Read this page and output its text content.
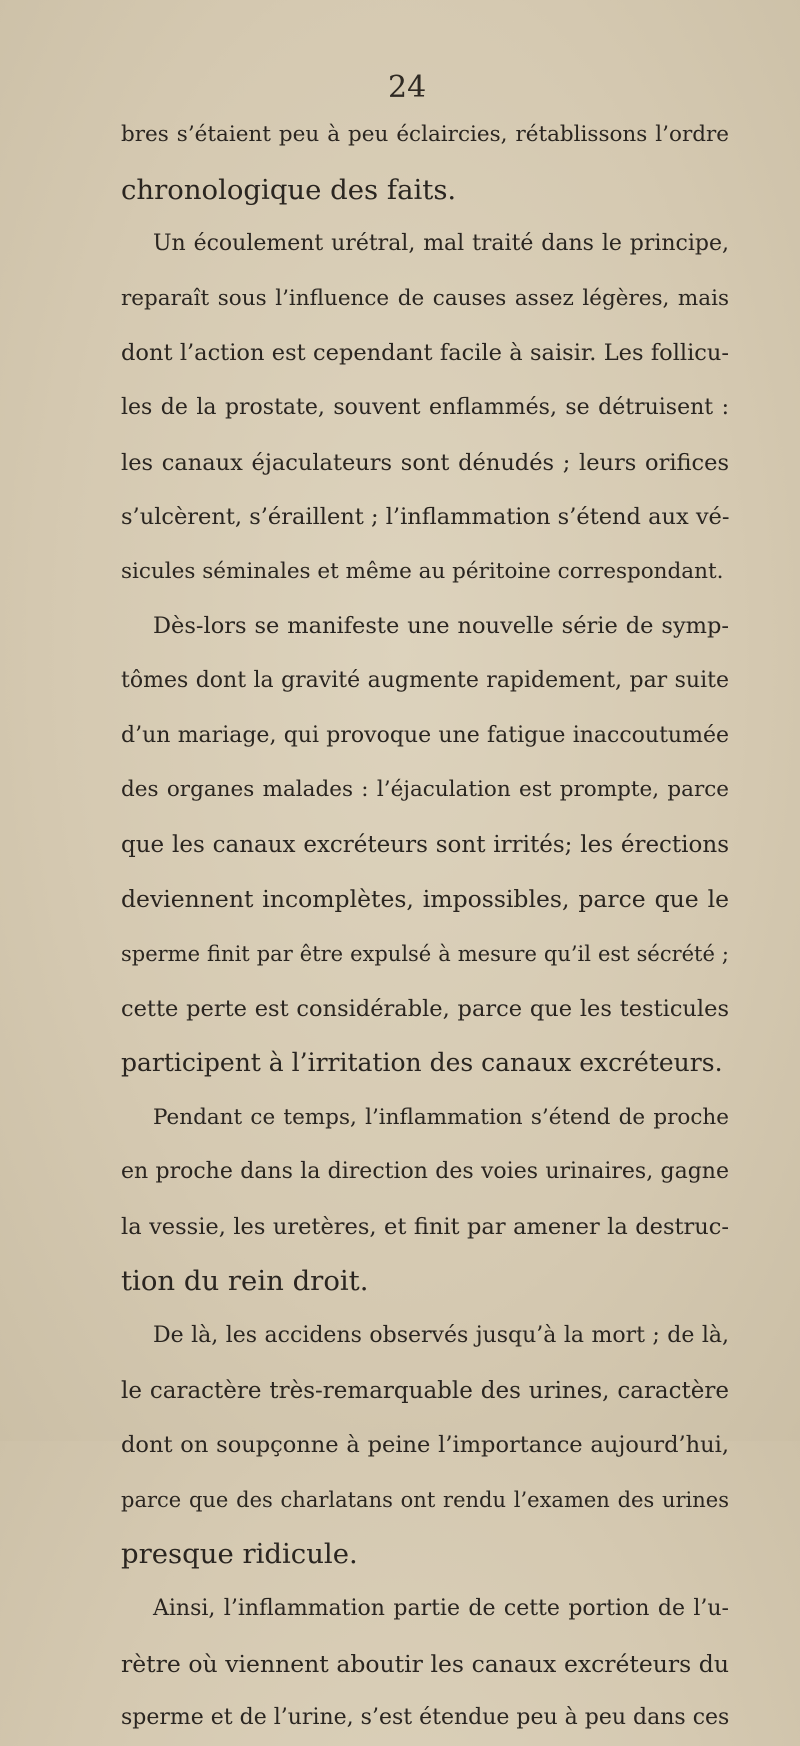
24
bres s’étaient peu à peu éclaircies, rétablissons l’ordre
chronologique des faits.
Un écoulement urétral, mal traité dans le principe,
reparaît sous l’influence de causes assez légères, mais
dont l’action est cependant facile à saisir. Les follicu-
les de la prostate, souvent enflammés, se détruisent :
les canaux éjaculateurs sont dénudés ; leurs orifices
s’ulcèrent, s’éraillent ; l’inflammation s’étend aux vé-
sicules séminales et même au péritoine correspondant.
Dès-lors se manifeste une nouvelle série de symp-
tômes dont la gravité augmente rapidement, par suite
d’un mariage, qui provoque une fatigue inaccoutumée
des organes malades : l’éjaculation est prompte, parce
que les canaux excréteurs sont irrités; les érections
deviennent incomplètes, impossibles, parce que le
sperme finit par être expulsé à mesure qu’il est sécrété ;
cette perte est considérable, parce que les testicules
participent à l’irritation des canaux excréteurs.
Pendant ce temps, l’inflammation s’étend de proche
en proche dans la direction des voies urinaires, gagne
la vessie, les uretères, et finit par amener la destruc-
tion du rein droit.
De là, les accidens observés jusqu’à la mort ; de là,
le caractère très-remarquable des urines, caractère
dont on soupçonne à peine l’importance aujourd’hui,
parce que des charlatans ont rendu l’examen des urines
presque ridicule.
Ainsi, l’inflammation partie de cette portion de l’u-
rètre où viennent aboutir les canaux excréteurs du
sperme et de l’urine, s’est étendue peu à peu dans ces
